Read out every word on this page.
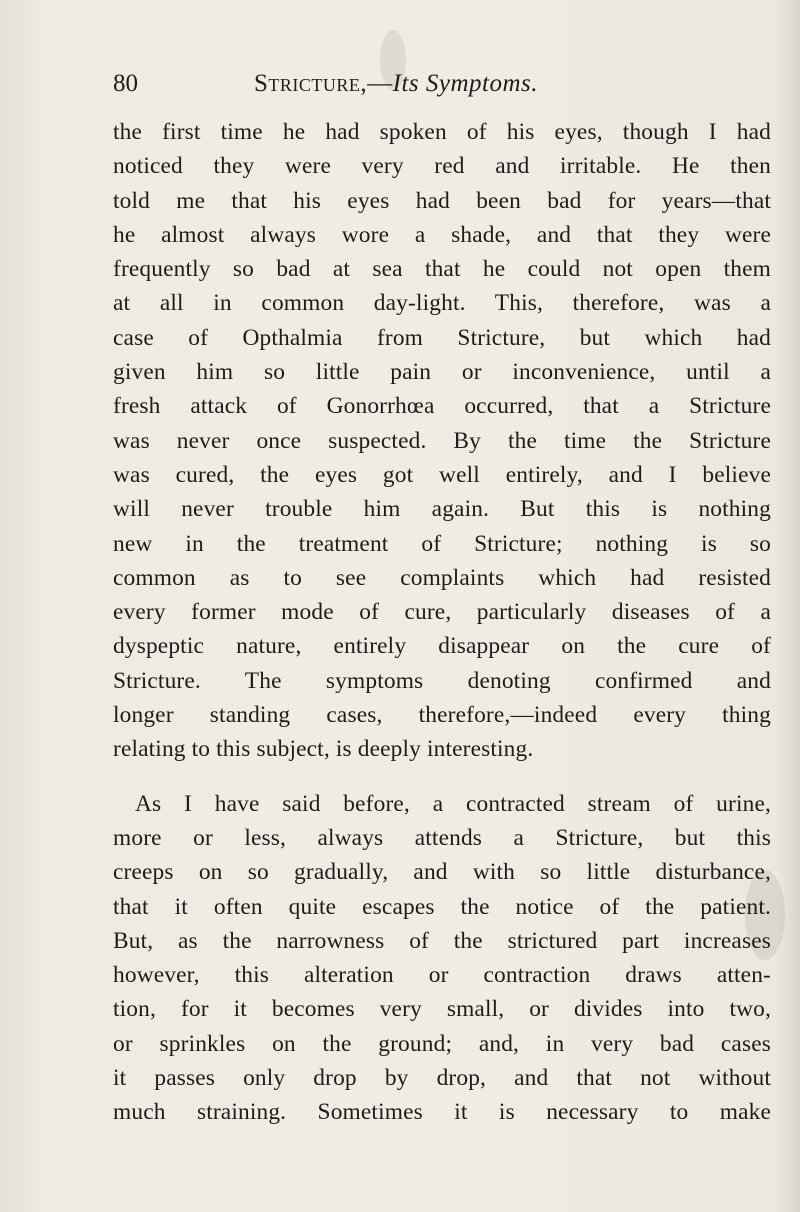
80	Stricture,—Its Symptoms.
the first time he had spoken of his eyes, though I had
noticed they were very red and irritable. He then
told me that his eyes had been bad for years—that
he almost always wore a shade, and that they were
frequently so bad at sea that he could not open them
at all in common day-light. This, therefore, was a
case of Opthalmia from Stricture, but which had
given him so little pain or inconvenience, until a
fresh attack of Gonorrhœa occurred, that a Stricture
was never once suspected. By the time the Stricture
was cured, the eyes got well entirely, and I believe
will never trouble him again. But this is nothing
new in the treatment of Stricture; nothing is so
common as to see complaints which had resisted
every former mode of cure, particularly diseases of a
dyspeptic nature, entirely disappear on the cure of
Stricture. The symptoms denoting confirmed and
longer standing cases, therefore,—indeed every thing
relating to this subject, is deeply interesting.
As I have said before, a contracted stream of urine,
more or less, always attends a Stricture, but this
creeps on so gradually, and with so little disturbance,
that it often quite escapes the notice of the patient.
But, as the narrowness of the strictured part increases
however, this alteration or contraction draws atten-
tion, for it becomes very small, or divides into two,
or sprinkles on the ground; and, in very bad cases
it passes only drop by drop, and that not without
much straining. Sometimes it is necessary to make
